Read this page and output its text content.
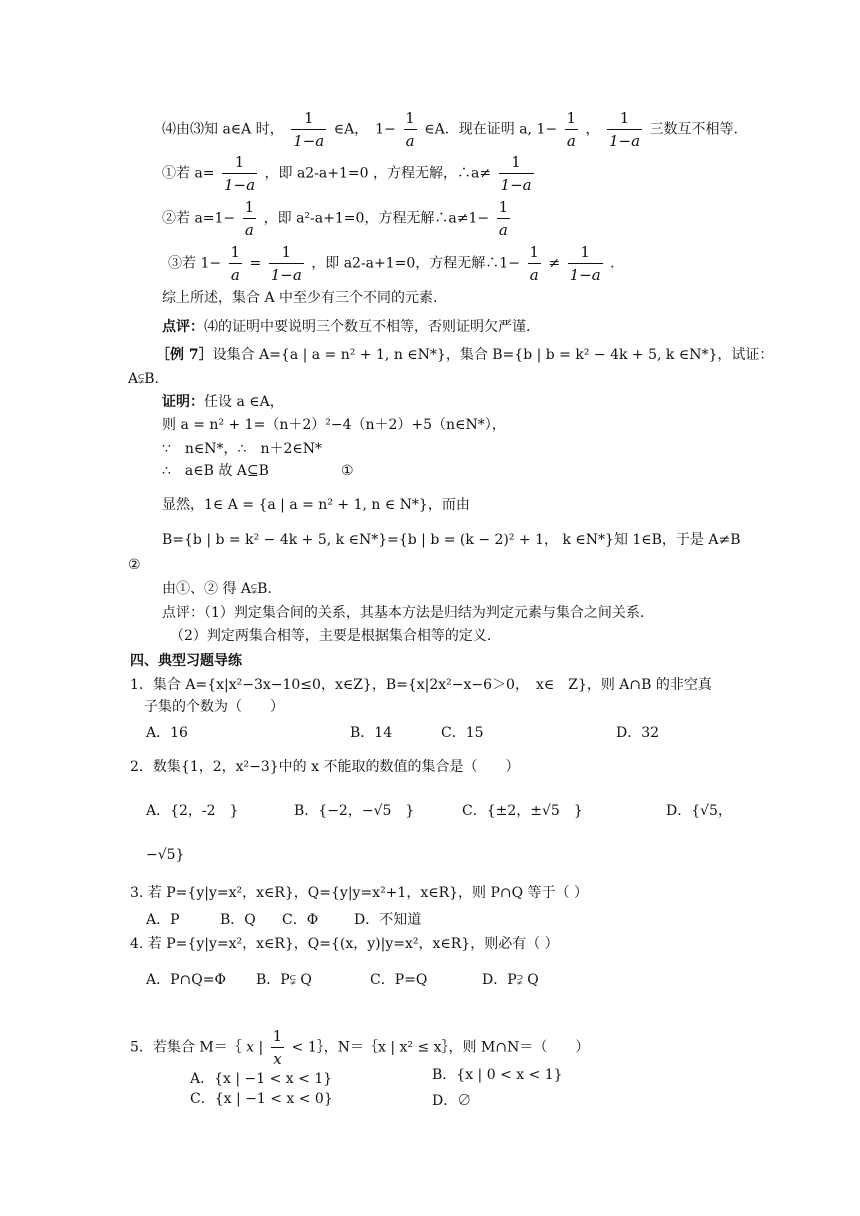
⑷由⑶知 a∈A 时， $\frac{1}{1-a}$ ∈A，　$1- \frac{1}{a}$ ∈A．现在证明 a, $1- \frac{1}{a}$ ， $\frac{1}{1-a}$ 三数互不相等.
①若 $a= \frac{1}{1-a}$ ，即 a2-a+1=0 ，方程无解，∴a≠ $\frac{1}{1-a}$
②若 $a=1- \frac{1}{a}$ ，即 a²-a+1=0，方程无解∴a≠1− $\frac{1}{a}$
③若 $1- \frac{1}{a} = \frac{1}{1-a}$ ，即 a2-a+1=0，方程无解∴1− $\frac{1}{a} \ne \frac{1}{1-a}$ .
综上所述，集合 A 中至少有三个不同的元素.
点评：⑷的证明中要说明三个数互不相等，否则证明欠严谨.
［例 7］设集合 A={a | a = n² + 1, n ∈N*}，集合 B={b | b = k² − 4k + 5, k ∈N*}，试证：
A⫋B.
证明：任设 a ∈A，
则 a = n² + 1=（n＋2）²−4（n＋2）+5（n∈N*），
∵　n∈N*，∴　n＋2∈N*
∴　a∈B 故 A⊆B	①
显然，1∈ A = {a | a = n² + 1, n ∈ N*}，而由
B={b | b = k² − 4k + 5, k ∈N*}={b | b = (k − 2)² + 1， k ∈N*}知 1∈B，于是 A≠B
②
由①、② 得 A⫋B.
点评：（1）判定集合间的关系，其基本方法是归结为判定元素与集合之间关系.
（2）判定两集合相等，主要是根据集合相等的定义.
四、典型习题导练
1．集合 A={x|x²−3x−10≤0，x∈Z}，B={x|2x²−x−6＞0，　x∈　Z}，则 A∩B 的非空真
子集的个数为（　　）
A．16	B．14	C．15	D．32
2．数集{1，2，x²−3}中的 x 不能取的数值的集合是（　　）
A．{2，-2　}	B．{−2，−√5　}	C．{±2，±√5　}	D．{√5，
−√5}
3. 若 P={y|y=x²，x∈R}，Q={y|y=x²+1，x∈R}，则 P∩Q 等于（ ）
A．P	B．Q C．Φ	D．不知道
4. 若 P={y|y=x²，x∈R}，Q={(x，y)|y=x²，x∈R}，则必有（ ）
A．P∩Q=Φ B．P⫋ Q	C．P=Q	D．P⫌ Q
5．若集合 M＝｛ x | $\frac{1}{x}$ < 1｝，N＝｛x | x² ≤ x｝，则 M∩N＝（　　）
A．{x | −1 < x < 1}	B．{x | 0 < x < 1}
C．{x | −1 < x < 0}	D．∅
